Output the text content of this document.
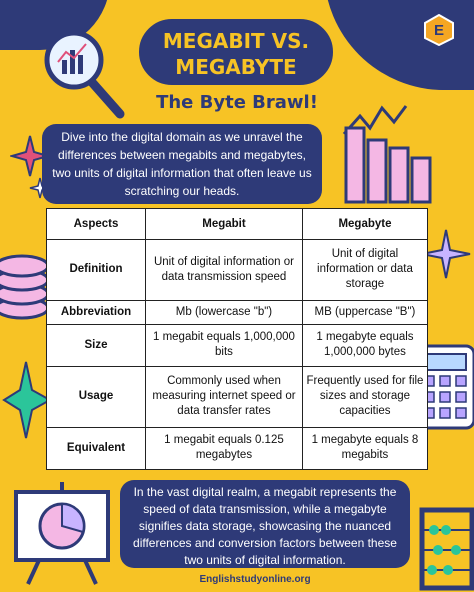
E
MEGABIT VS.
MEGABYTE
The Byte Brawl!
Dive into the digital domain as we unravel the differences between megabits and megabytes, two units of digital information that often leave us scratching our heads.
Aspects	Megabit	Megabyte
Definition	Unit of digital information or data transmission speed	Unit of digital information or data storage
Abbreviation	Mb (lowercase "b")	MB (uppercase "B")
Size	1 megabit equals 1,000,000 bits	1 megabyte equals 1,000,000 bytes
Usage	Commonly used when measuring internet speed or data transfer rates	Frequently used for file sizes and storage capacities
Equivalent	1 megabit equals 0.125 megabytes	1 megabyte equals 8 megabits
In the vast digital realm, a megabit represents the speed of data transmission, while a megabyte signifies data storage, showcasing the nuanced differences and conversion factors between these two units of digital information.
Englishstudyonline.org
